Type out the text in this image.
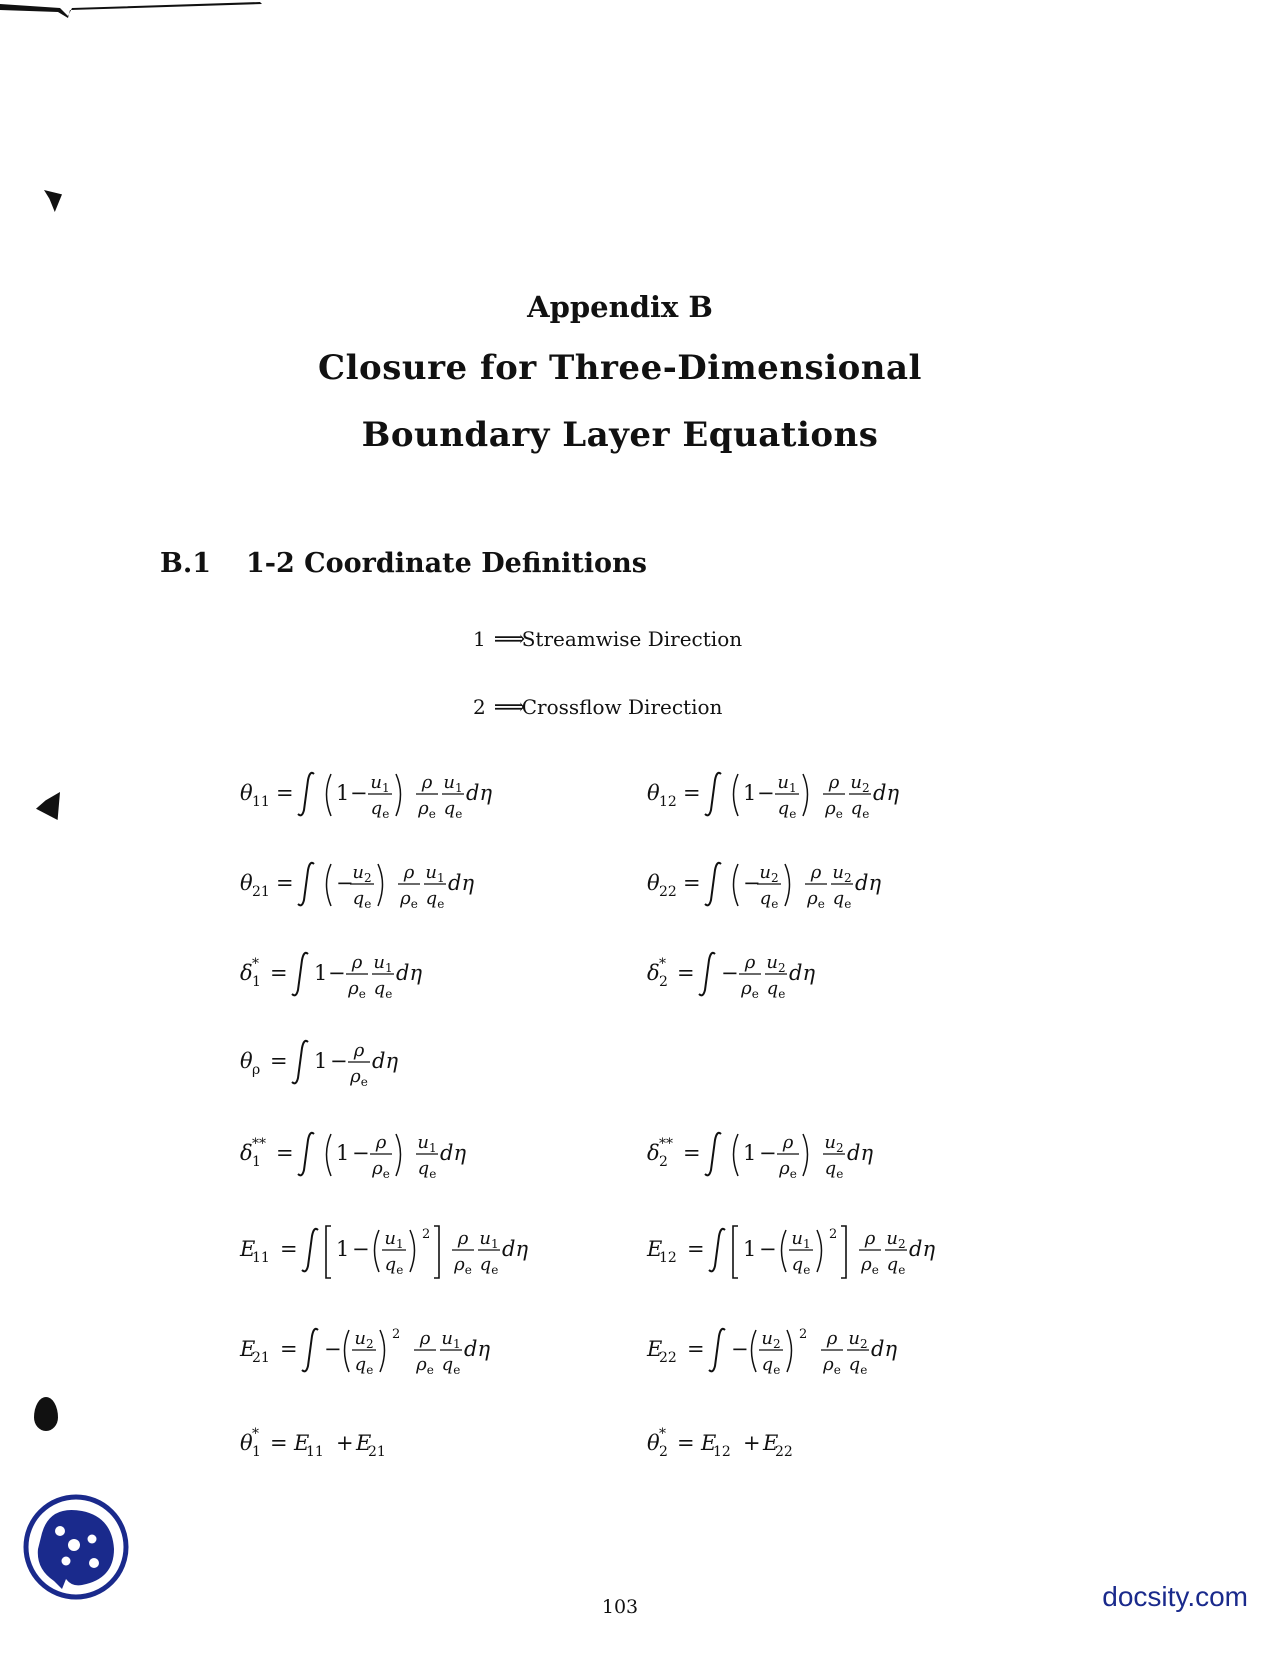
Appendix B
Closure for Three-Dimensional
Boundary Layer Equations
B.1 1-2 Coordinate Definitions
1 ⟹Streamwise Direction
2 ⟹Crossflow Direction
θ $11 = 1 - u_1$
$q_e$
ρ
$\rho_e$
$u_1$
$q_e$
dη	θ $12 = 1 - u_1$
$q_e$
ρ
$\rho_e$
$u_2$
$q_e$
dη
θ 21 = −
$u_2$
$q_e$
ρ
$\rho_e$
$u_1$
$q_e$
dη	θ 22 = −
$u_2$
$q_e$
ρ
$\rho_e$
$u_2$
$q_e$
dη
δ 1
* = 1 − ρ
$\rho_e$
$u_1$
$q_e$
dη	δ 2
* = − ρ
$\rho_e$
$u_2$
$q_e$
dη
θ ρ = 1 − ρ
$\rho_e$
dη
δ 1
** = 1 − ρ
$\rho_e$
$u_1$
$q_e$
dη	δ 2
** = 1 − ρ
$\rho_e$
$u_2$
$q_e$
dη
E
$11 = 1 - u_1$
$q_e$
2 ρ
$\rho_e$
$u_1$
$q_e$
dη	E
$12 = 1 - u_1$
$q_e$
2 ρ
$\rho_e$
$u_2$
$q_e$
dη
E
21 = − $u_2$
$q_e$
2 ρ
$\rho_e$
$u_1$
$q_e$
dη	E
22 = − $u_2$
$q_e$
2 ρ
$\rho_e$
$u_2$
$q_e$
dη
θ 1
* = E
11 + E
21	θ 2
* = E
12 + E
22
103	docsity.com
